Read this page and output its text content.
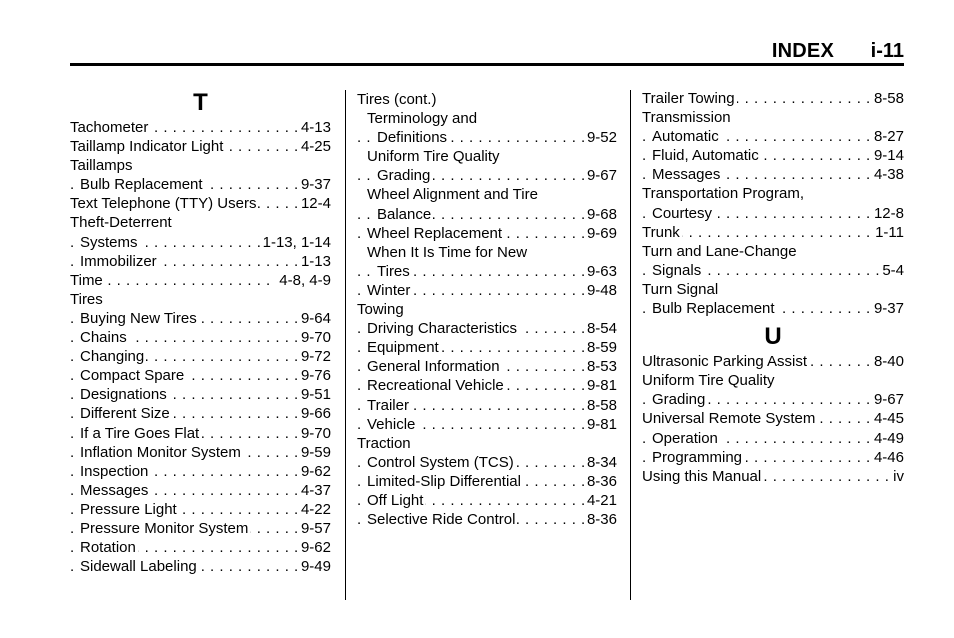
INDEX i-11
T
. . . Tachometer	4-13
. . . Taillamp Indicator Light	4-25
Taillamps
. . . Bulb Replacement	9-37
. . . Text Telephone (TTY) Users	12-4
Theft-Deterrent
. . . Systems	1-13, 1-14
. . . Immobilizer	1-13
. . . Time	4-8, 4-9
Tires
. . . Buying New Tires	9-64
. . . Chains	9-70
. . . Changing	9-72
. . . Compact Spare	9-76
. . . Designations	9-51
. . . Different Size	9-66
. . . If a Tire Goes Flat	9-70
. . . Inflation Monitor System	9-59
. . . Inspection	9-62
. . . Messages	4-37
. . . Pressure Light	4-22
. . . Pressure Monitor System	9-57
. . . Rotation	9-62
. . . Sidewall Labeling	9-49
Tires (cont.)
Terminology and
. . . Definitions	9-52
Uniform Tire Quality
. . . Grading	9-67
Wheel Alignment and Tire
. . . Balance	9-68
. . . Wheel Replacement	9-69
When It Is Time for New
. . . Tires	9-63
. . . Winter	9-48
Towing
. . . Driving Characteristics	8-54
. . . Equipment	8-59
. . . General Information	8-53
. . . Recreational Vehicle	9-81
. . . Trailer	8-58
. . . Vehicle	9-81
Traction
. . . Control System (TCS)	8-34
. . . Limited-Slip Differential	8-36
. . . Off Light	4-21
. . . Selective Ride Control	8-36
. . . Trailer Towing	8-58
Transmission
. . . Automatic	8-27
. . . Fluid, Automatic	9-14
. . . Messages	4-38
Transportation Program,
. . . Courtesy	12-8
. . . Trunk	1-11
Turn and Lane-Change
. . . Signals	5-4
Turn Signal
. . . Bulb Replacement	9-37
U
. . . Ultrasonic Parking Assist	8-40
Uniform Tire Quality
. . . Grading	9-67
. . . Universal Remote System	4-45
. . . Operation	4-49
. . . Programming	4-46
. . . Using this Manual	iv
